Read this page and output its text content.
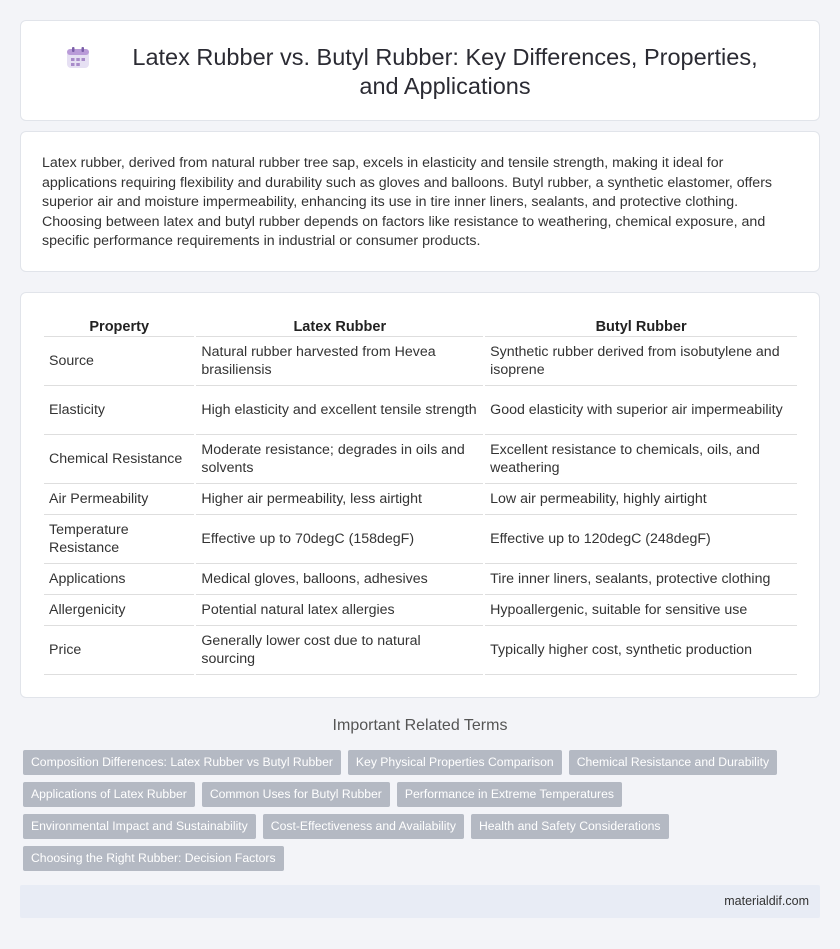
Latex Rubber vs. Butyl Rubber: Key Differences, Properties, and Applications

Latex rubber, derived from natural rubber tree sap, excels in elasticity and tensile strength, making it ideal for applications requiring flexibility and durability such as gloves and balloons. Butyl rubber, a synthetic elastomer, offers superior air and moisture impermeability, enhancing its use in tire inner liners, sealants, and protective clothing. Choosing between latex and butyl rubber depends on factors like resistance to weathering, chemical exposure, and specific performance requirements in industrial or consumer products.

Property	Latex Rubber	Butyl Rubber
Source	Natural rubber harvested from Hevea brasiliensis	Synthetic rubber derived from isobutylene and isoprene
Elasticity	High elasticity and excellent tensile strength	Good elasticity with superior air impermeability
Chemical Resistance	Moderate resistance; degrades in oils and solvents	Excellent resistance to chemicals, oils, and weathering
Air Permeability	Higher air permeability, less airtight	Low air permeability, highly airtight
Temperature Resistance	Effective up to 70degC (158degF)	Effective up to 120degC (248degF)
Applications	Medical gloves, balloons, adhesives	Tire inner liners, sealants, protective clothing
Allergenicity	Potential natural latex allergies	Hypoallergenic, suitable for sensitive use
Price	Generally lower cost due to natural sourcing	Typically higher cost, synthetic production
Important Related Terms
Composition Differences: Latex Rubber vs Butyl Rubber	Key Physical Properties Comparison	Chemical Resistance and Durability
Applications of Latex Rubber	Common Uses for Butyl Rubber	Performance in Extreme Temperatures
Environmental Impact and Sustainability	Cost-Effectiveness and Availability	Health and Safety Considerations
Choosing the Right Rubber: Decision Factors
materialdif.com
